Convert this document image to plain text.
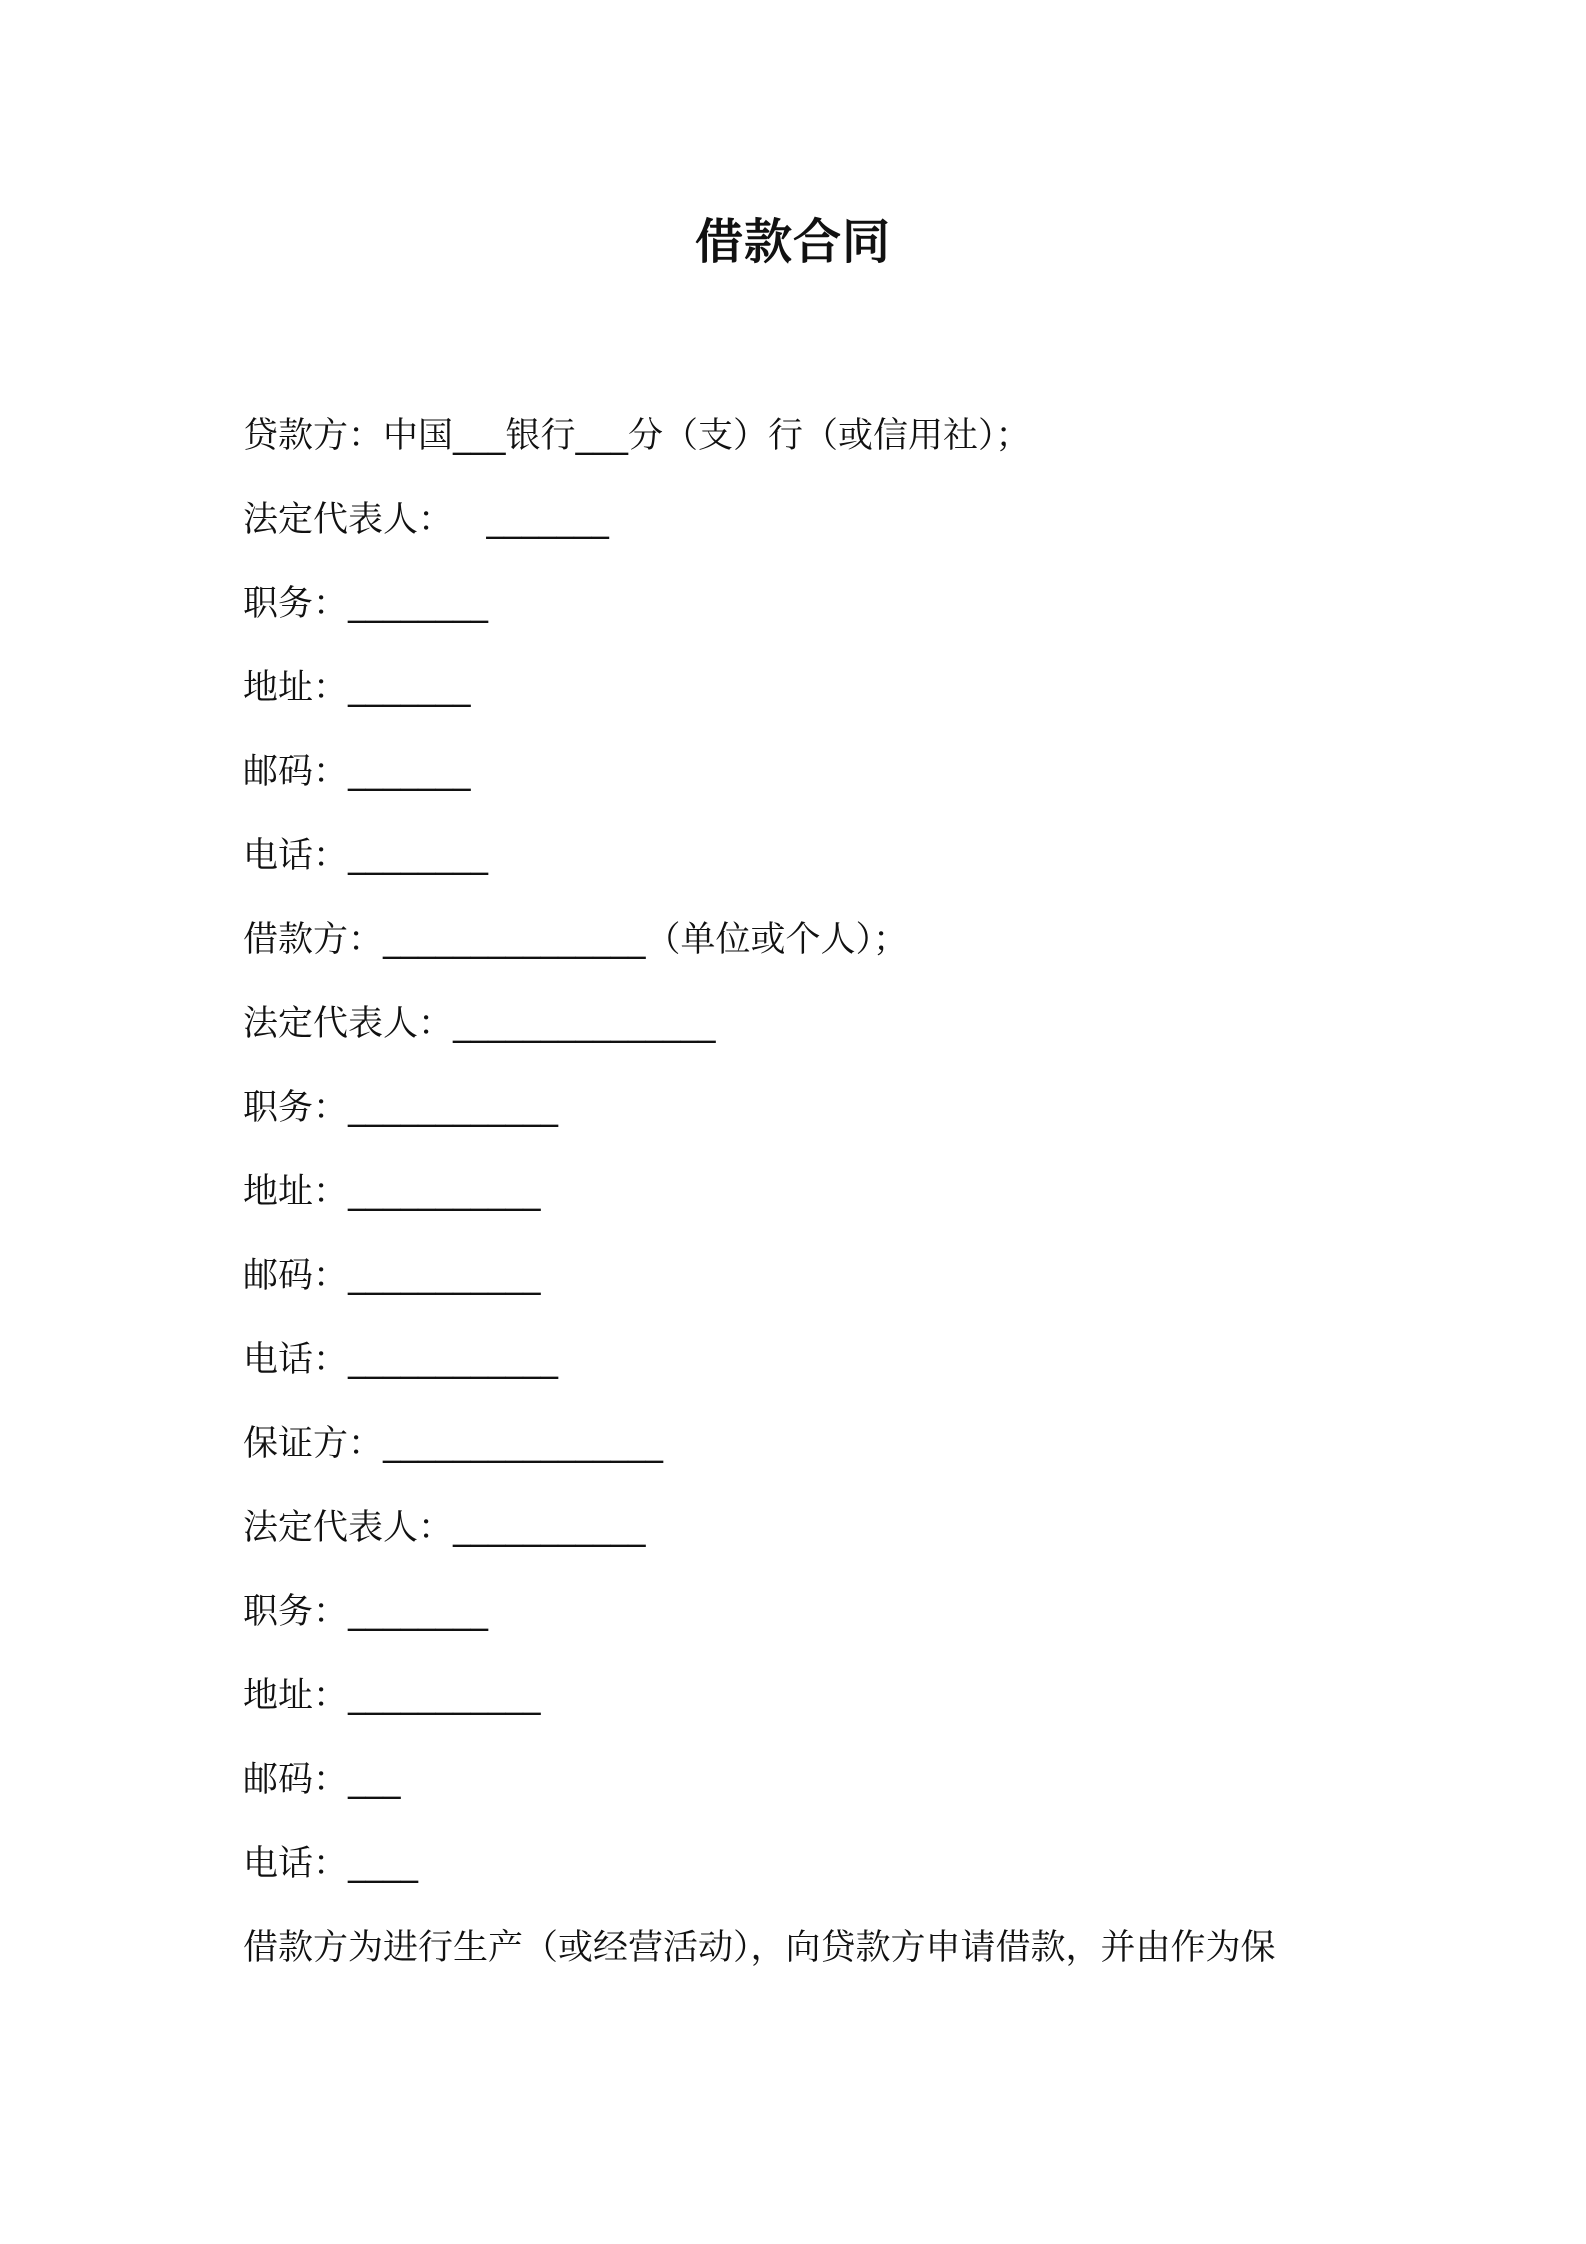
借款合同
贷款方：中国___银行___分（支）行（或信用社）；
法定代表人：   _______
职务：________
地址：_______
邮码：_______
电话：________
借款方：_______________（单位或个人）；
法定代表人：_______________
职务：____________
地址：___________
邮码：___________
电话：____________
保证方：________________
法定代表人：___________
职务：________
地址：___________
邮码：___
电话：____
借款方为进行生产（或经营活动），向贷款方申请借款，并由作为保
